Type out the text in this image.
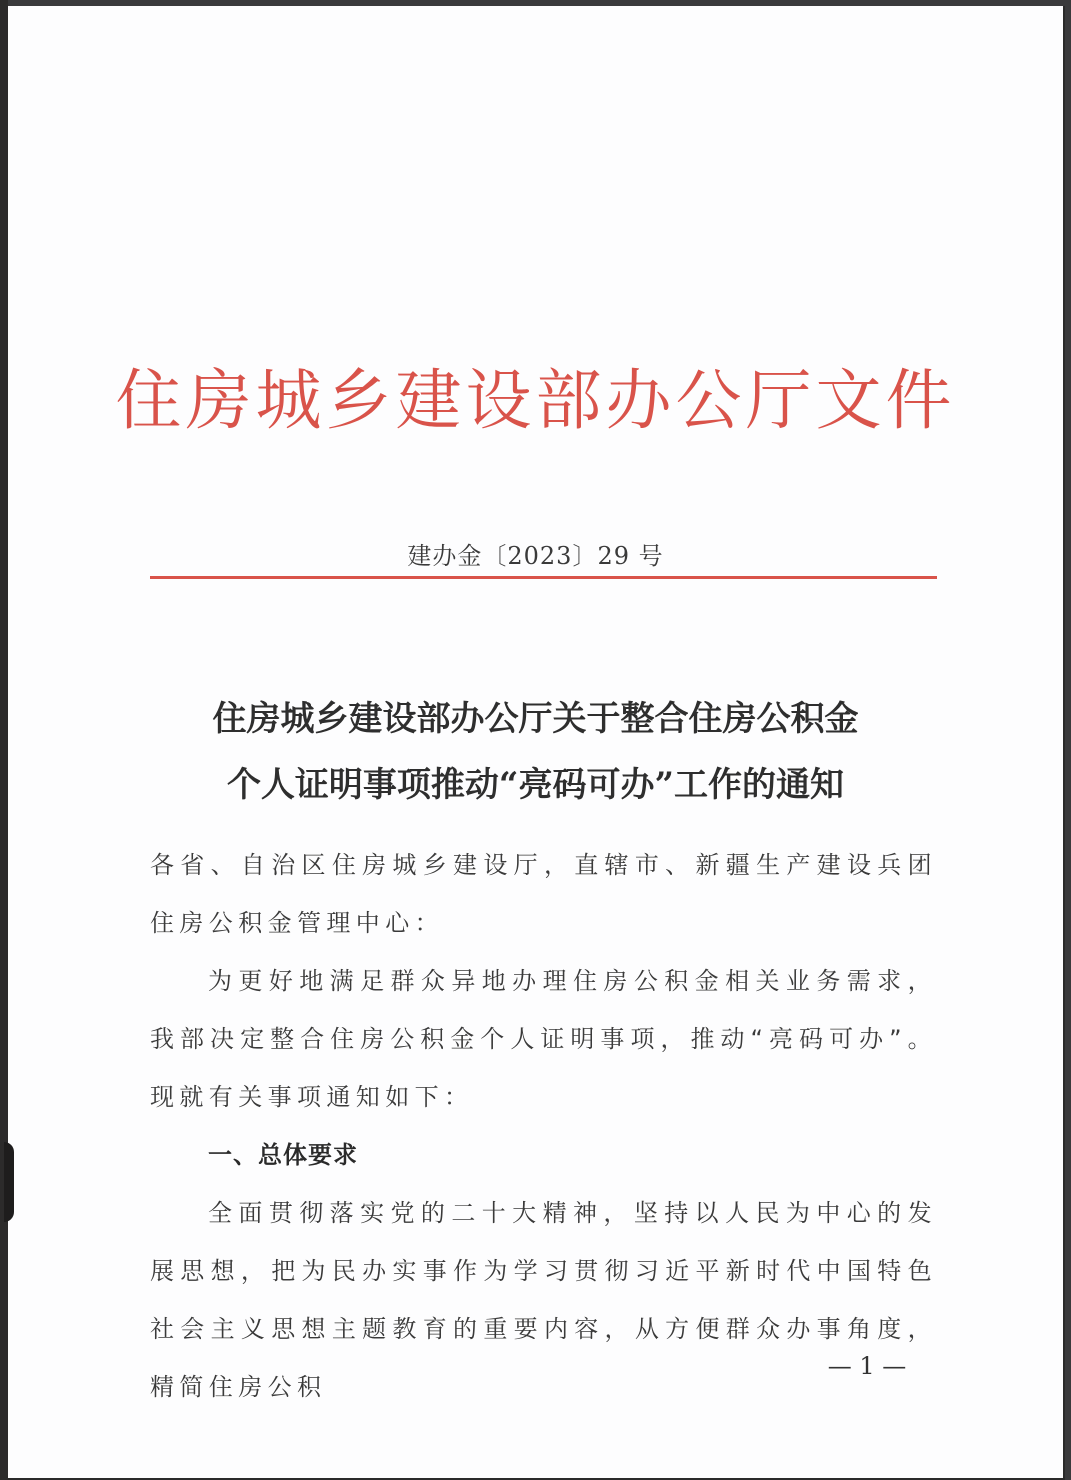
住房城乡建设部办公厅文件
建办金〔2023〕29 号
住房城乡建设部办公厅关于整合住房公积金
个人证明事项推动“亮码可办”工作的通知

各省、自治区住房城乡建设厅，直辖市、新疆生产建设兵团住房公积金管理中心：

为更好地满足群众异地办理住房公积金相关业务需求，我部决定整合住房公积金个人证明事项，推动“亮码可办”。现就有关事项通知如下：

一、总体要求

全面贯彻落实党的二十大精神，坚持以人民为中心的发展思想，把为民办实事作为学习贯彻习近平新时代中国特色社会主义思想主题教育的重要内容，从方便群众办事角度，精简住房公积

— 1 —
